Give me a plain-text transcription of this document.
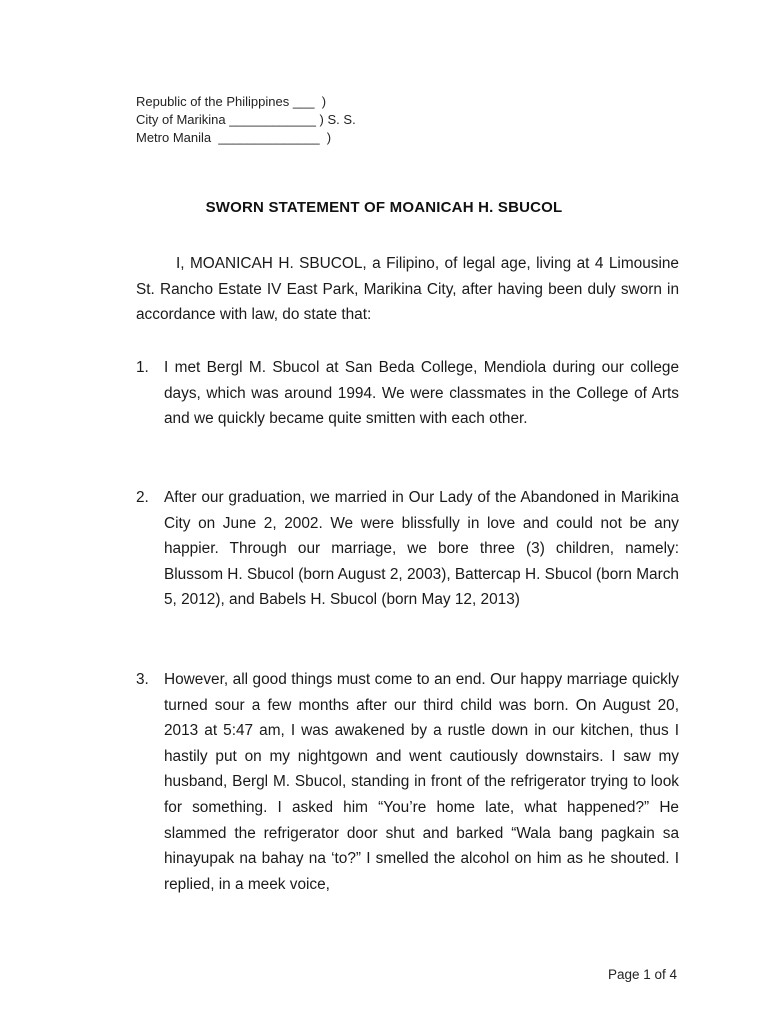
Republic of the Philippines ___  )
City of Marikina ____________ ) S. S.
Metro Manila  ______________  )
SWORN STATEMENT OF MOANICAH H. SBUCOL
I, MOANICAH H. SBUCOL, a Filipino, of legal age, living at 4 Limousine St. Rancho Estate IV East Park, Marikina City, after having been duly sworn in accordance with law, do state that:
1. I met Bergl M. Sbucol at San Beda College, Mendiola during our college days, which was around 1994. We were classmates in the College of Arts and we quickly became quite smitten with each other.
2. After our graduation, we married in Our Lady of the Abandoned in Marikina City on June 2, 2002. We were blissfully in love and could not be any happier. Through our marriage, we bore three (3) children, namely: Blussom H. Sbucol (born August 2, 2003), Battercap H. Sbucol (born March 5, 2012), and Babels H. Sbucol (born May 12, 2013)
3. However, all good things must come to an end. Our happy marriage quickly turned sour a few months after our third child was born. On August 20, 2013 at 5:47 am, I was awakened by a rustle down in our kitchen, thus I hastily put on my nightgown and went cautiously downstairs. I saw my husband, Bergl M. Sbucol, standing in front of the refrigerator trying to look for something. I asked him “You’re home late, what happened?” He slammed the refrigerator door shut and barked “Wala bang pagkain sa hinayupak na bahay na ‘to?” I smelled the alcohol on him as he shouted. I replied, in a meek voice,
Page 1 of 4
